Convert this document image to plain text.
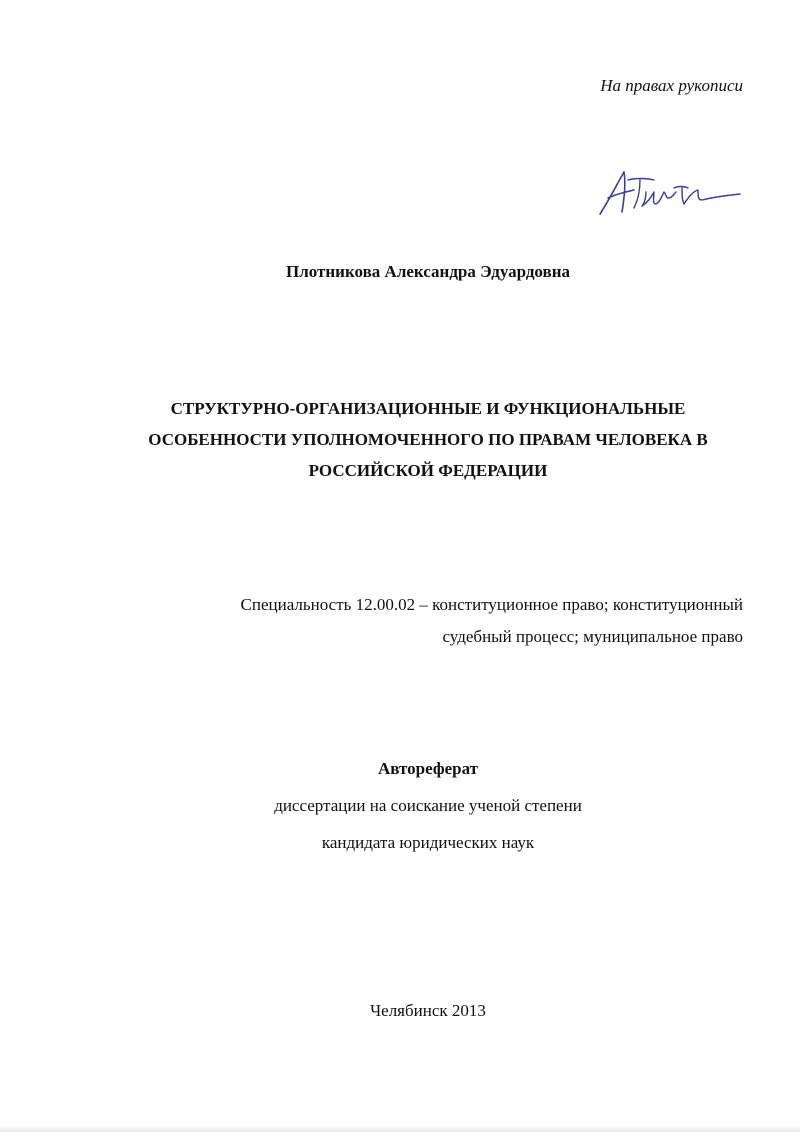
На правах рукописи
Плотникова Александра Эдуардовна
СТРУКТУРНО-ОРГАНИЗАЦИОННЫЕ И ФУНКЦИОНАЛЬНЫЕ
ОСОБЕННОСТИ УПОЛНОМОЧЕННОГО ПО ПРАВАМ ЧЕЛОВЕКА В
РОССИЙСКОЙ ФЕДЕРАЦИИ
Специальность 12.00.02 – конституционное право; конституционный
судебный процесс; муниципальное право
Автореферат
диссертации на соискание ученой степени
кандидата юридических наук
Челябинск 2013
